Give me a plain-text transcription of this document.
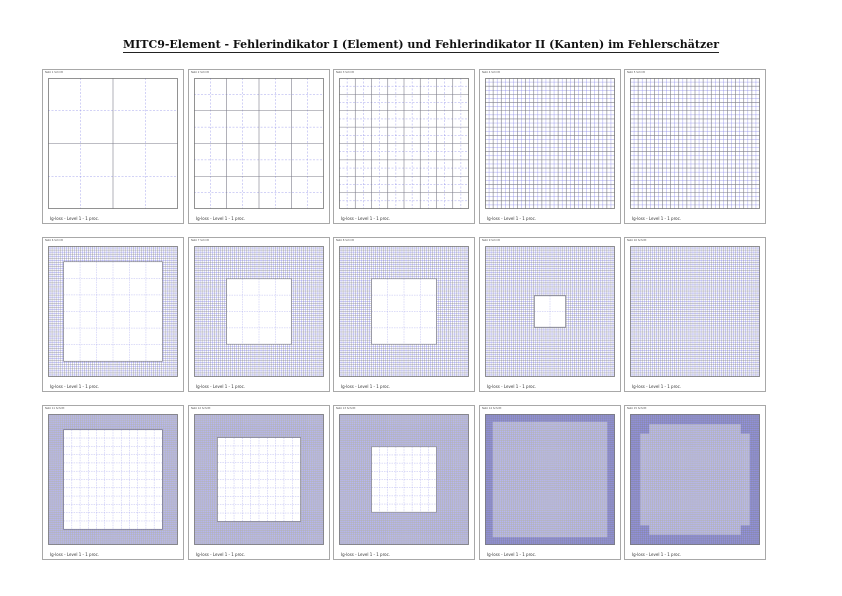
MITC9-Element - Fehlerindikator I (Element) und Fehlerindikator II (Kanten) im Fehlerschätzer
Netz 1 Schritt
Ig-loss - Level 1 - 1 proc.
Netz 2 Schritt
Ig-loss - Level 1 - 1 proc.
Netz 3 Schritt
Ig-loss - Level 1 - 1 proc.
Netz 4 Schritt
Ig-loss - Level 1 - 1 proc.
Netz 5 Schritt
Ig-loss - Level 1 - 1 proc.
Netz 6 Schritt
Ig-loss - Level 1 - 1 proc.
Netz 7 Schritt
Ig-loss - Level 1 - 1 proc.
Netz 8 Schritt
Ig-loss - Level 1 - 1 proc.
Netz 9 Schritt
Ig-loss - Level 1 - 1 proc.
Netz 10 Schritt
Ig-loss - Level 1 - 1 proc.
Netz 11 Schritt
Ig-loss - Level 1 - 1 proc.
Netz 12 Schritt
Ig-loss - Level 1 - 1 proc.
Netz 13 Schritt
Ig-loss - Level 1 - 1 proc.
Netz 14 Schritt
Ig-loss - Level 1 - 1 proc.
Netz 15 Schritt
Ig-loss - Level 1 - 1 proc.
